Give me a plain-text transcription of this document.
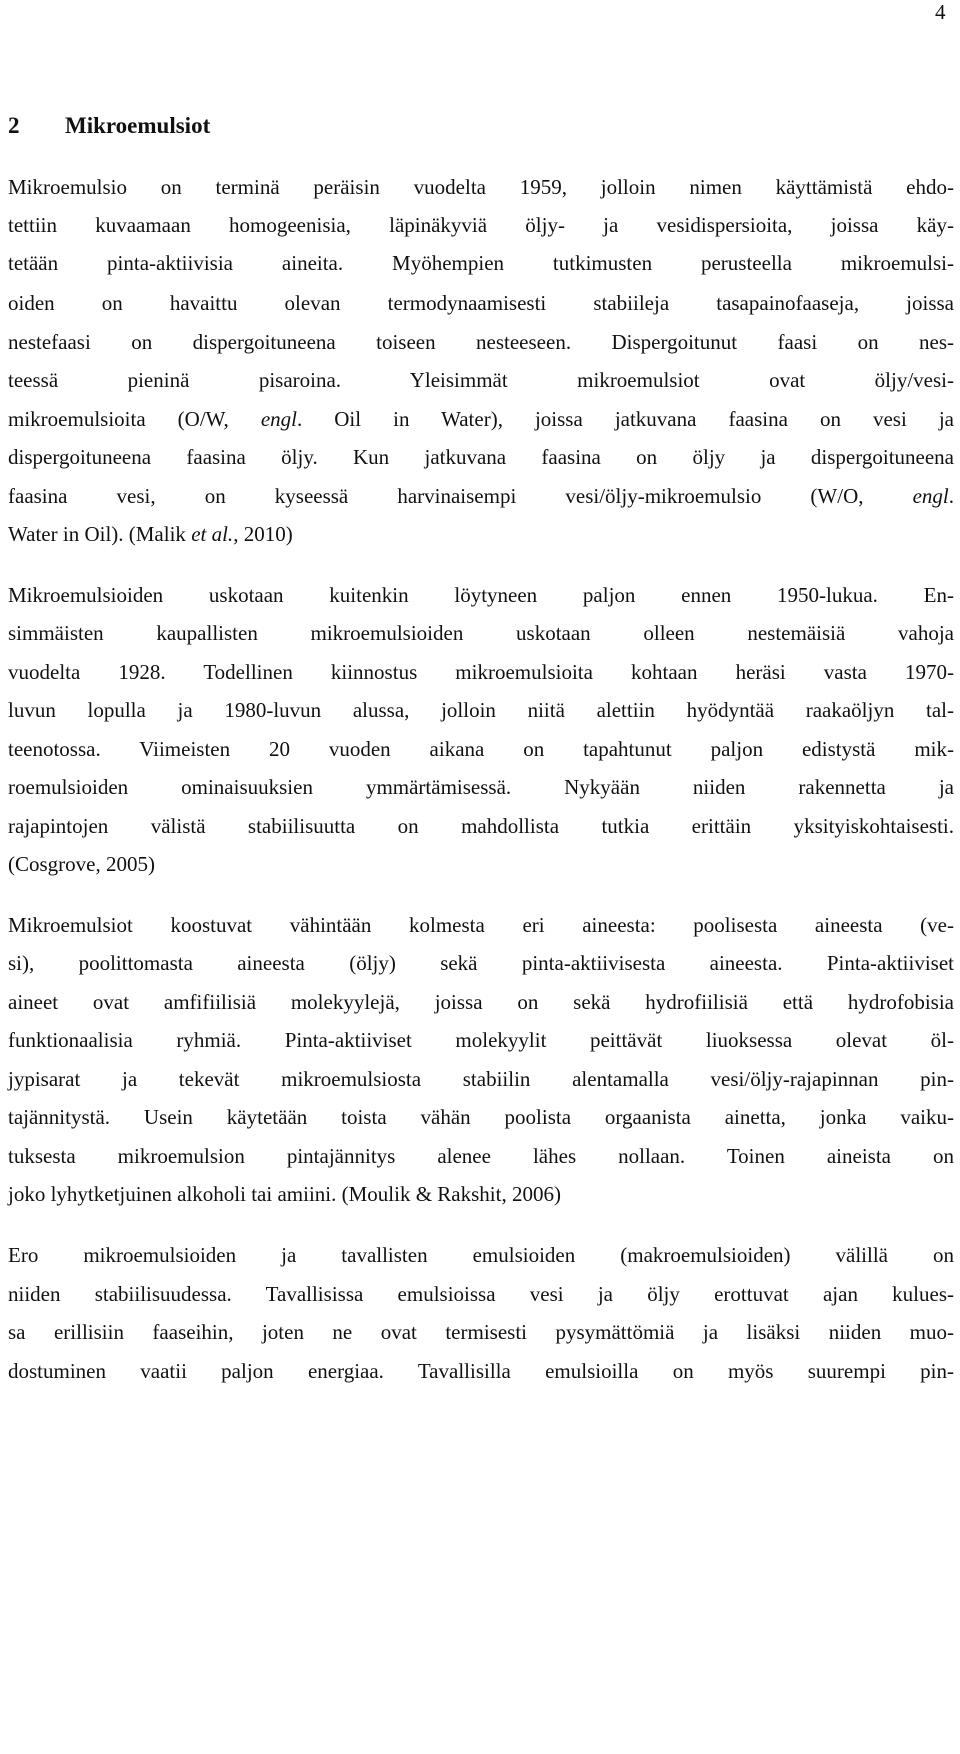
4
2 Mikroemulsiot
Mikroemulsio on terminä peräisin vuodelta 1959, jolloin nimen käyttämistä ehdo-
tettiin kuvaamaan homogeenisia, läpinäkyviä öljy- ja vesidispersioita, joissa käy-
tetään pinta-aktiivisia aineita. Myöhempien tutkimusten perusteella mikroemulsi-
oiden on havaittu olevan termodynaamisesti stabiileja tasapainofaaseja, joissa
nestefaasi on dispergoituneena toiseen nesteeseen. Dispergoitunut faasi on nes-
teessä pieninä pisaroina. Yleisimmät mikroemulsiot ovat öljy/vesi-
mikroemulsioita (O/W, engl. Oil in Water), joissa jatkuvana faasina on vesi ja
dispergoituneena faasina öljy. Kun jatkuvana faasina on öljy ja dispergoituneena
faasina vesi, on kyseessä harvinaisempi vesi/öljy-mikroemulsio (W/O, engl.
Water in Oil). (Malik et al., 2010)
Mikroemulsioiden uskotaan kuitenkin löytyneen paljon ennen 1950-lukua. En-
simmäisten kaupallisten mikroemulsioiden uskotaan olleen nestemäisiä vahoja
vuodelta 1928. Todellinen kiinnostus mikroemulsioita kohtaan heräsi vasta 1970-
luvun lopulla ja 1980-luvun alussa, jolloin niitä alettiin hyödyntää raakaöljyn tal-
teenotossa. Viimeisten 20 vuoden aikana on tapahtunut paljon edistystä mik-
roemulsioiden ominaisuuksien ymmärtämisessä. Nykyään niiden rakennetta ja
rajapintojen välistä stabiilisuutta on mahdollista tutkia erittäin yksityiskohtaisesti.
(Cosgrove, 2005)
Mikroemulsiot koostuvat vähintään kolmesta eri aineesta: poolisesta aineesta (ve-
si), poolittomasta aineesta (öljy) sekä pinta-aktiivisesta aineesta. Pinta-aktiiviset
aineet ovat amfifiilisiä molekyylejä, joissa on sekä hydrofiilisiä että hydrofobisia
funktionaalisia ryhmiä. Pinta-aktiiviset molekyylit peittävät liuoksessa olevat öl-
jypisarat ja tekevät mikroemulsiosta stabiilin alentamalla vesi/öljy-rajapinnan pin-
tajännitystä. Usein käytetään toista vähän poolista orgaanista ainetta, jonka vaiku-
tuksesta mikroemulsion pintajännitys alenee lähes nollaan. Toinen aineista on
joko lyhytketjuinen alkoholi tai amiini. (Moulik & Rakshit, 2006)
Ero mikroemulsioiden ja tavallisten emulsioiden (makroemulsioiden) välillä on
niiden stabiilisuudessa. Tavallisissa emulsioissa vesi ja öljy erottuvat ajan kulues-
sa erillisiin faaseihin, joten ne ovat termisesti pysymättömiä ja lisäksi niiden muo-
dostuminen vaatii paljon energiaa. Tavallisilla emulsioilla on myös suurempi pin-
